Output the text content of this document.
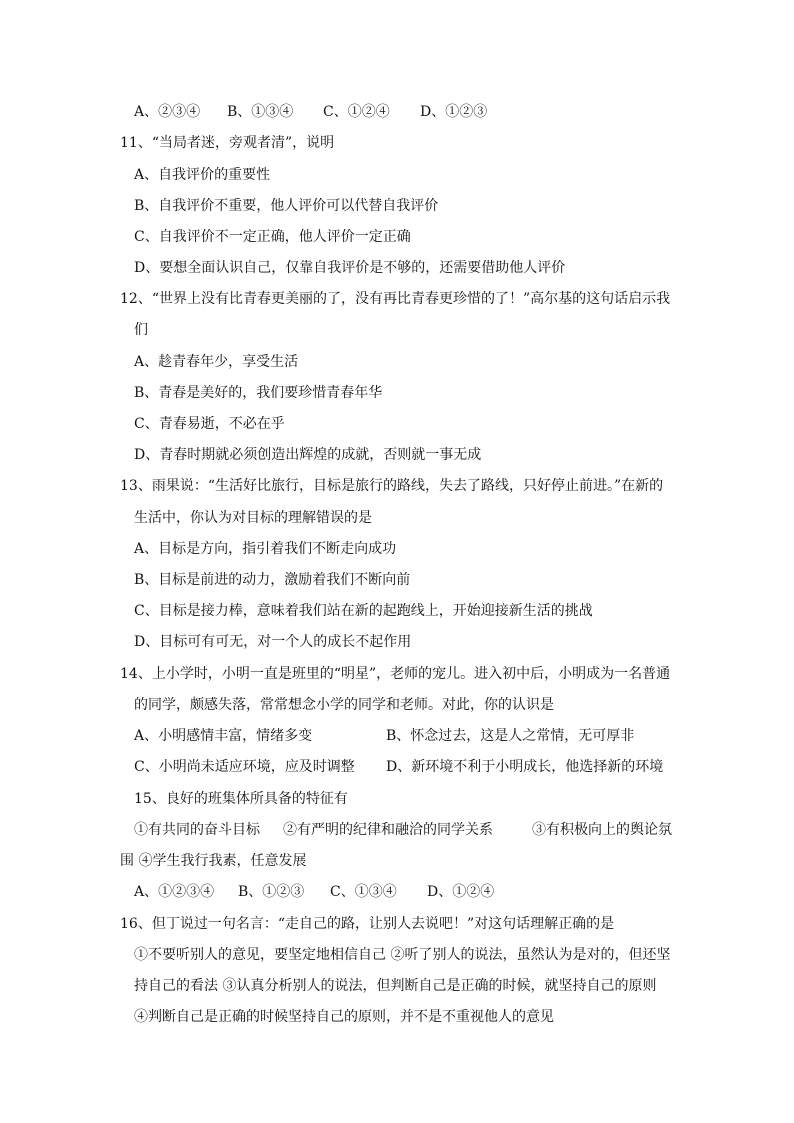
A、②③④ B、①③④ C、①②④ D、①②③
11、“当局者迷，旁观者清”，说明
A、自我评价的重要性
B、自我评价不重要，他人评价可以代替自我评价
C、自我评价不一定正确，他人评价一定正确
D、要想全面认识自己，仅靠自我评价是不够的，还需要借助他人评价
12、“世界上没有比青春更美丽的了，没有再比青春更珍惜的了！”高尔基的这句话启示我
们
A、趁青春年少，享受生活
B、青春是美好的，我们要珍惜青春年华
C、青春易逝，不必在乎
D、青春时期就必须创造出辉煌的成就，否则就一事无成
13、雨果说：“生活好比旅行，目标是旅行的路线，失去了路线，只好停止前进。”在新的
生活中，你认为对目标的理解错误的是
A、目标是方向，指引着我们不断走向成功
B、目标是前进的动力，激励着我们不断向前
C、目标是接力棒，意味着我们站在新的起跑线上，开始迎接新生活的挑战
D、目标可有可无，对一个人的成长不起作用
14、上小学时，小明一直是班里的“明星”，老师的宠儿。进入初中后，小明成为一名普通
的同学，颇感失落，常常想念小学的同学和老师。对此，你的认识是
A、小明感情丰富，情绪多变	B、怀念过去，这是人之常情，无可厚非
C、小明尚未适应环境，应及时调整 D、新环境不利于小明成长，他选择新的环境
15、良好的班集体所具备的特征有
①有共同的奋斗目标 ②有严明的纪律和融洽的同学关系	③有积极向上的舆论氛
围 ④学生我行我素，任意发展
A、①②③④ B、①②③ C、①③④ D、①②④
16、但丁说过一句名言：“走自己的路，让别人去说吧！”对这句话理解正确的是
①不要听别人的意见，要坚定地相信自己 ②听了别人的说法，虽然认为是对的，但还坚
持自己的看法 ③认真分析别人的说法，但判断自己是正确的时候，就坚持自己的原则
④判断自己是正确的时候坚持自己的原则，并不是不重视他人的意见
